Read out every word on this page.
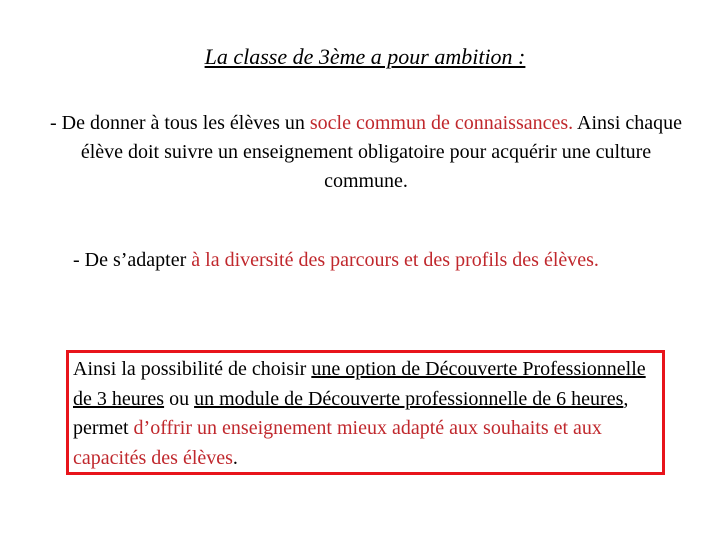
La classe de 3ème a pour ambition :

- De donner à tous les élèves un socle commun de connaissances. Ainsi chaque élève doit suivre un enseignement obligatoire pour acquérir une culture commune.

- De s’adapter à la diversité des parcours et des profils des élèves.

Ainsi la possibilité de choisir une option de Découverte Professionnelle de 3 heures ou un module de Découverte professionnelle de 6 heures, permet d’offrir un enseignement mieux adapté aux souhaits et aux capacités des élèves.
